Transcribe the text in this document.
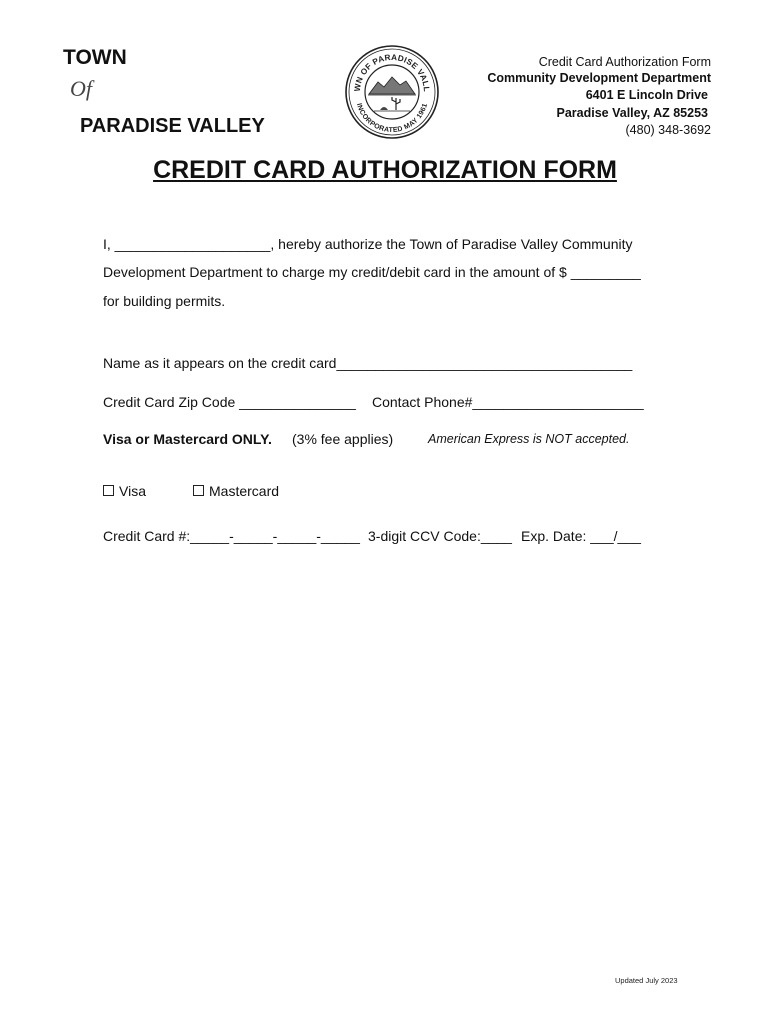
TOWN
Of
PARADISE VALLEY
WN OF PARADISE VALL
INCORPORATED MAY 1961
Credit Card Authorization Form
Community Development Department
6401 E Lincoln Drive
Paradise Valley, AZ 85253
(480) 348-3692
CREDIT CARD AUTHORIZATION FORM
I, ____________________, hereby authorize the Town of Paradise Valley Community
Development Department to charge my credit/debit card in the amount of $ _________
for building permits.
Name as it appears on the credit card______________________________________
Credit Card Zip Code _______________ Contact Phone#______________________
Visa or Mastercard ONLY. (3% fee applies)	American Express is NOT accepted.
Visa	Mastercard
Credit Card #:_____-_____-_____-_____ 3-digit CCV Code:____ Exp. Date: ___/___
Updated July 2023
